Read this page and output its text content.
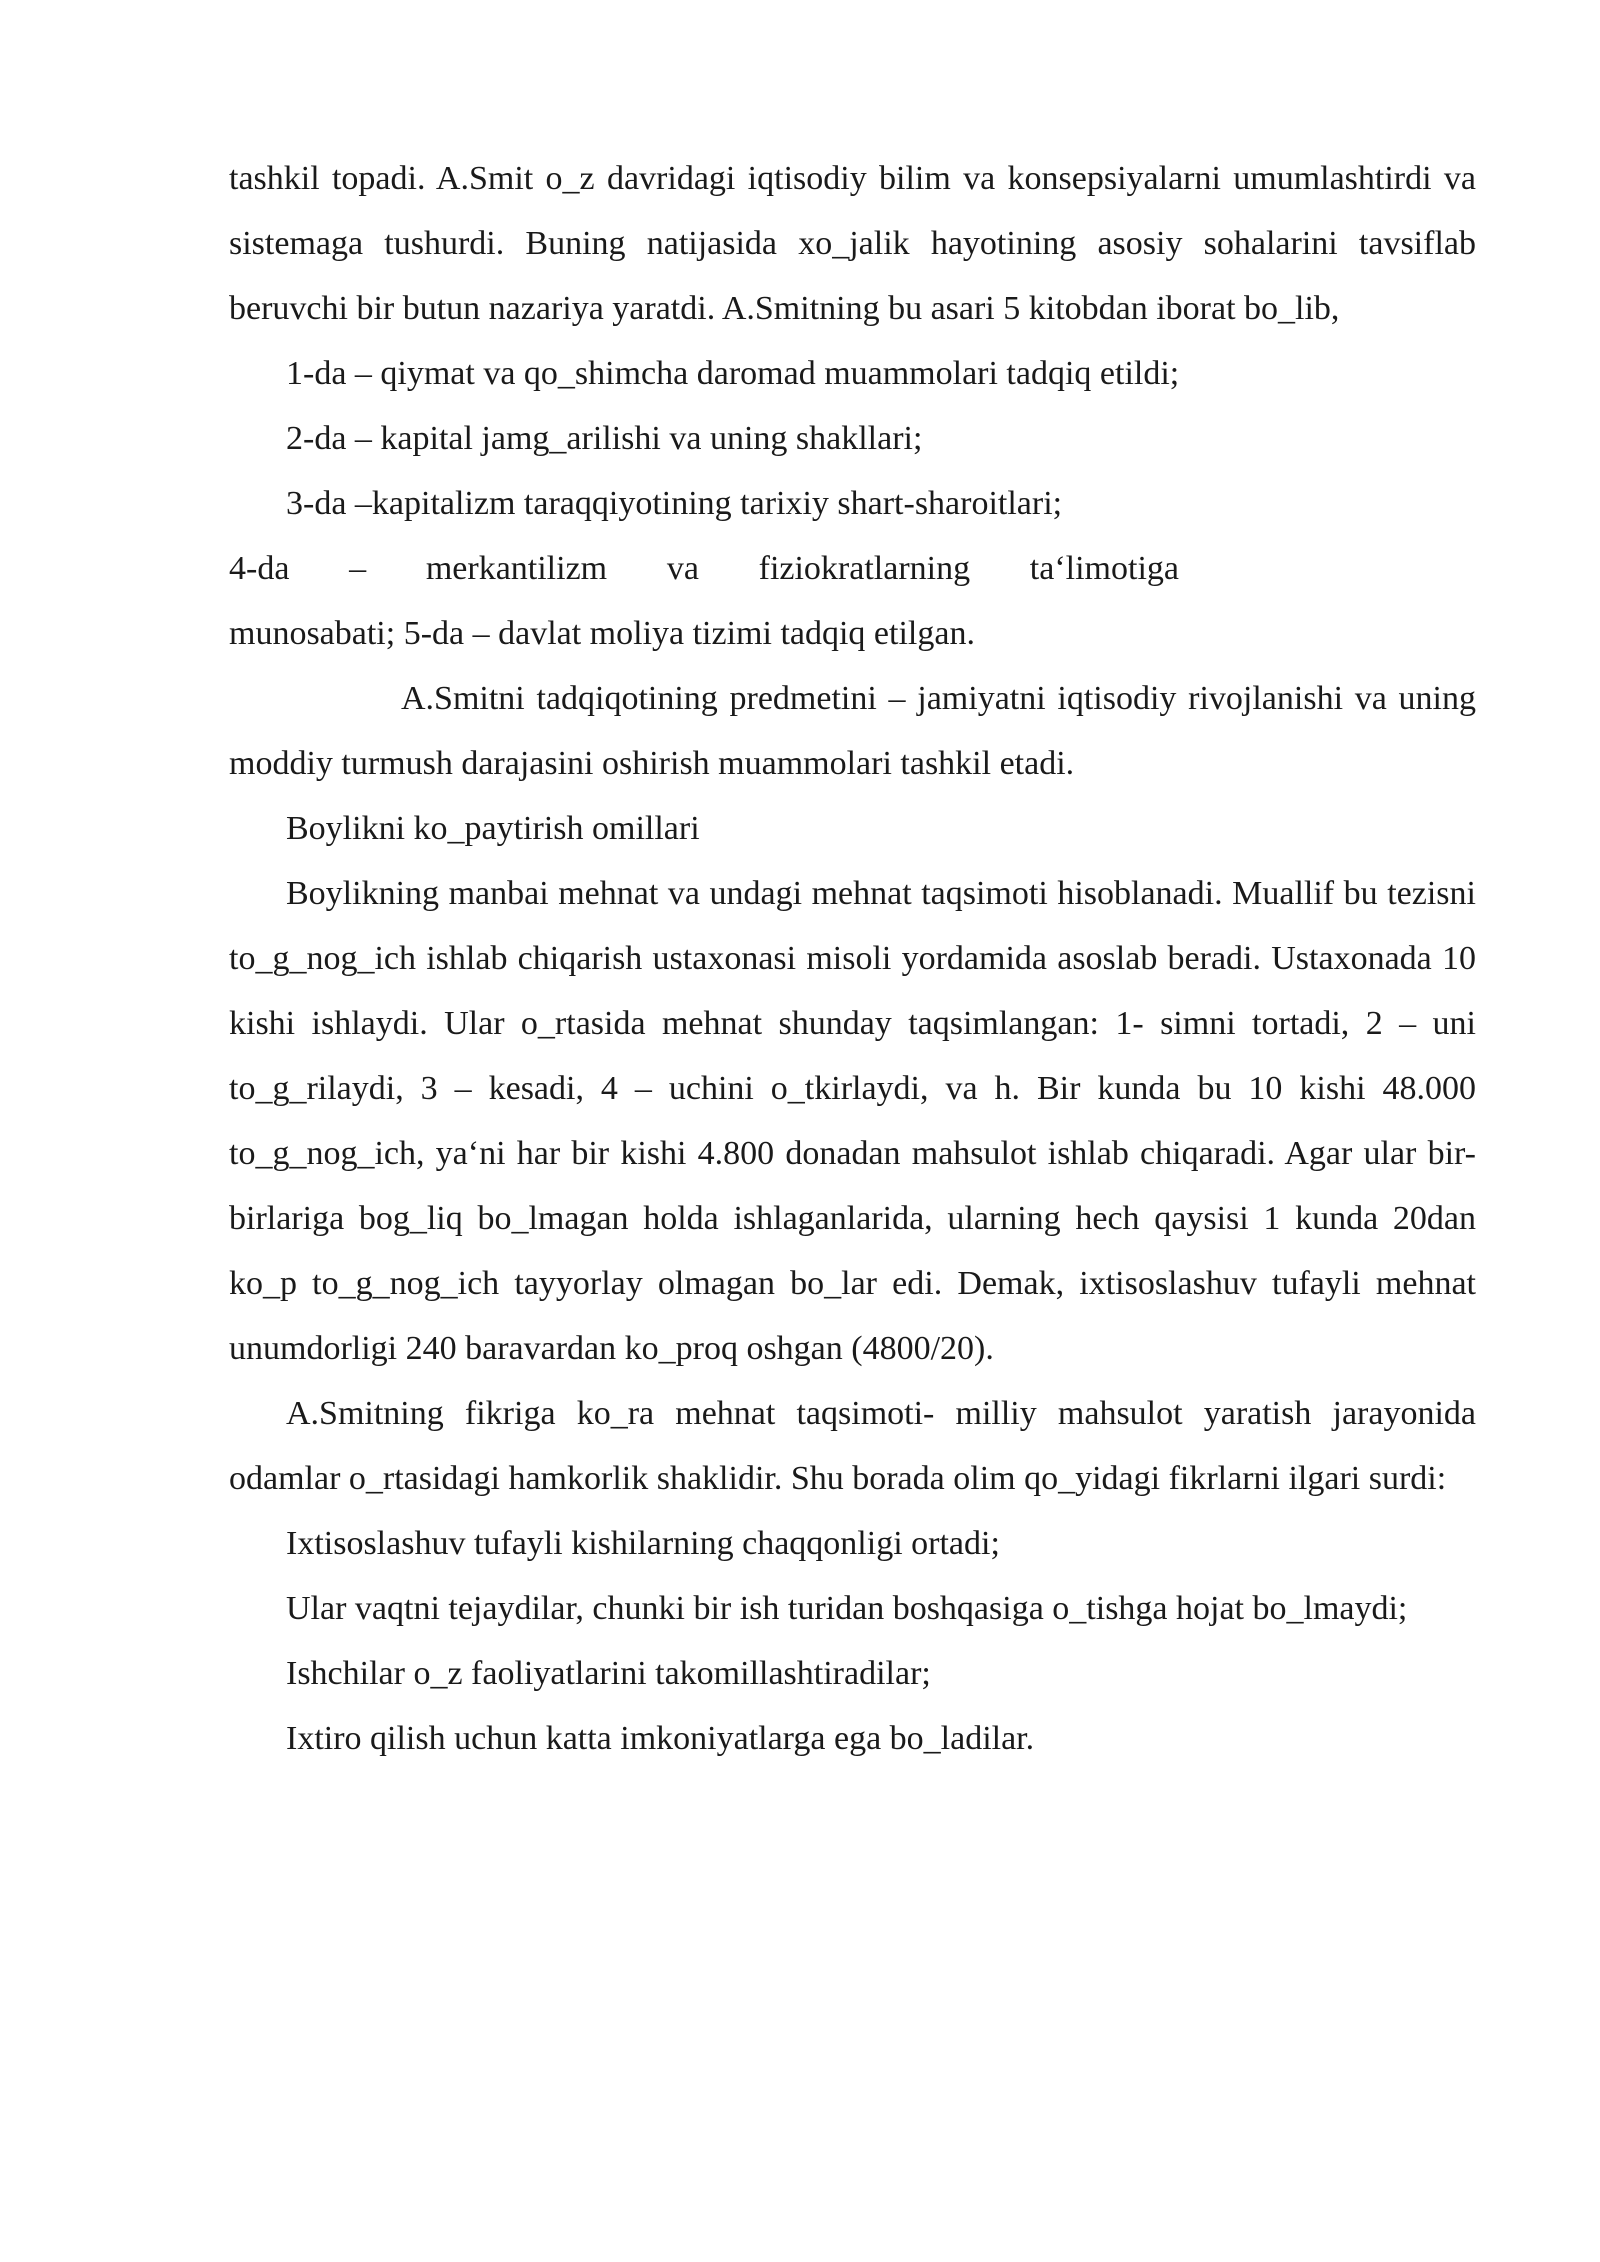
tashkil topadi. A.Smit o_z davridagi iqtisodiy bilim va konsepsiyalarni umumlashtirdi va sistemaga tushurdi. Buning natijasida xo_jalik hayotining asosiy sohalarini tavsiflab beruvchi bir butun nazariya yaratdi. A.Smitning bu asari 5 kitobdan iborat bo_lib,

1-da – qiymat va qo_shimcha daromad muammolari tadqiq etildi;

2-da – kapital jamg_arilishi va uning shakllari;

3-da –kapitalizm taraqqiyotining tarixiy shart-sharoitlari;

4-da – merkantilizm va fiziokratlarning ta‘limotiga

munosabati; 5-da – davlat moliya tizimi tadqiq etilgan.

A.Smitni tadqiqotining predmetini – jamiyatni iqtisodiy rivojlanishi va uning moddiy turmush darajasini oshirish muammolari tashkil etadi.

Boylikni ko_paytirish omillari

Boylikning manbai mehnat va undagi mehnat taqsimoti hisoblanadi. Muallif bu tezisni to_g_nog_ich ishlab chiqarish ustaxonasi misoli yordamida asoslab beradi. Ustaxonada 10 kishi ishlaydi. Ular o_rtasida mehnat shunday taqsimlangan: 1- simni tortadi, 2 – uni to_g_rilaydi, 3 – kesadi, 4 – uchini o_tkirlaydi, va h. Bir kunda bu 10 kishi 48.000 to_g_nog_ich, ya‘ni har bir kishi 4.800 donadan mahsulot ishlab chiqaradi. Agar ular bir-birlariga bog_liq bo_lmagan holda ishlaganlarida, ularning hech qaysisi 1 kunda 20dan ko_p to_g_nog_ich tayyorlay olmagan bo_lar edi. Demak, ixtisoslashuv tufayli mehnat unumdorligi 240 baravardan ko_proq oshgan (4800/20).

A.Smitning fikriga ko_ra mehnat taqsimoti- milliy mahsulot yaratish jarayonida odamlar o_rtasidagi hamkorlik shaklidir. Shu borada olim qo_yidagi fikrlarni ilgari surdi:

Ixtisoslashuv tufayli kishilarning chaqqonligi ortadi;

Ular vaqtni tejaydilar, chunki bir ish turidan boshqasiga o_tishga hojat bo_lmaydi;

Ishchilar o_z faoliyatlarini takomillashtiradilar;

Ixtiro qilish uchun katta imkoniyatlarga ega bo_ladilar.
